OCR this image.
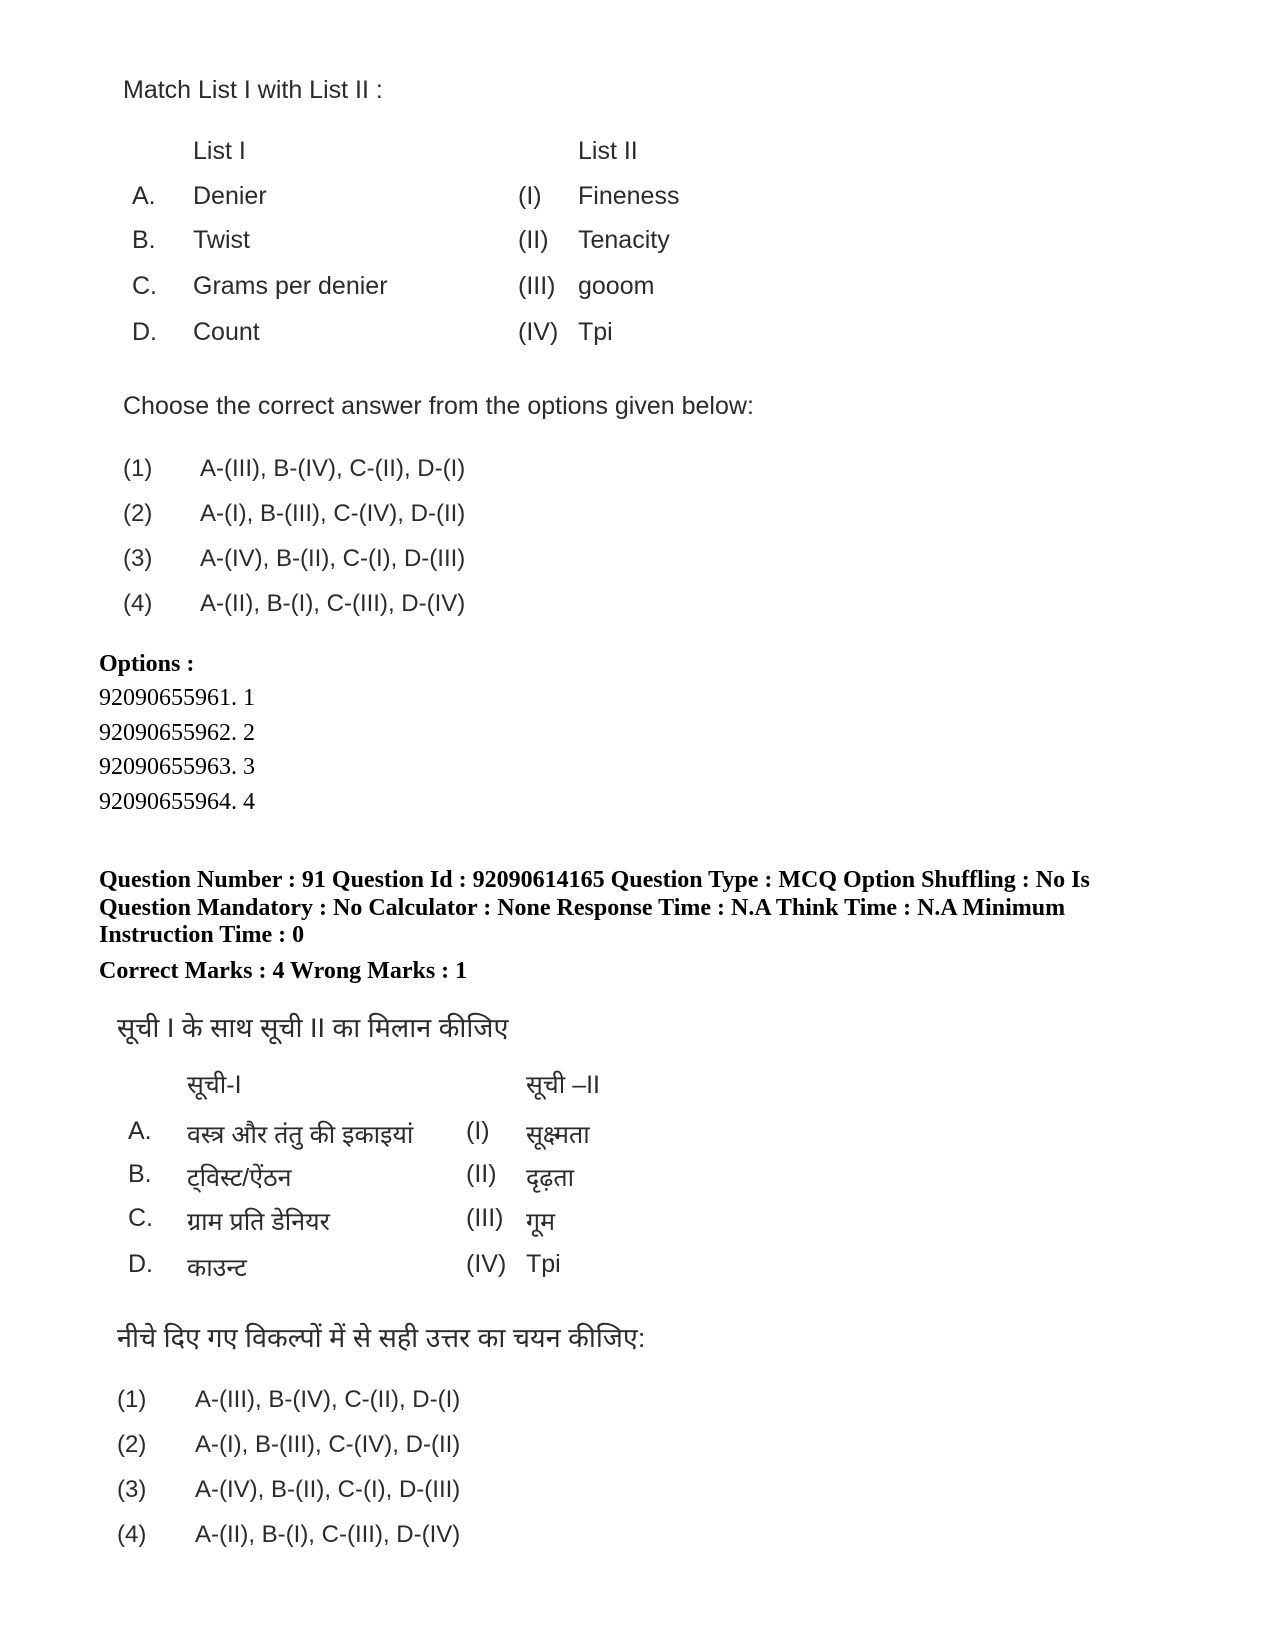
Match List I with List II :
List I	List II
A. Denier	(I) Fineness
B. Twist	(II) Tenacity
C. Grams per denier	(III) gooom
D. Count	(IV) Tpi
Choose the correct answer from the options given below:
(1) A-(III), B-(IV), C-(II), D-(I)
(2) A-(I), B-(III), C-(IV), D-(II)
(3) A-(IV), B-(II), C-(I), D-(III)
(4) A-(II), B-(I), C-(III), D-(IV)
Options :
92090655961. 1
92090655962. 2
92090655963. 3
92090655964. 4
Question Number : 91 Question Id : 92090614165 Question Type : MCQ Option Shuffling : No Is
Question Mandatory : No Calculator : None Response Time : N.A Think Time : N.A Minimum
Instruction Time : 0
Correct Marks : 4 Wrong Marks : 1
सूची I के साथ सूची II का मिलान कीजिए
सूची-I	सूची –II
A. वस्त्र और तंतु की इकाइयां (I) सूक्ष्मता
B. ट्विस्ट/ऐंठन	(II) दृढ़ता
C. ग्राम प्रति डेनियर	(III) गूम
D. काउन्ट	(IV) Tpi
नीचे दिए गए विकल्पों में से सही उत्तर का चयन कीजिए:
(1) A-(III), B-(IV), C-(II), D-(I)
(2) A-(I), B-(III), C-(IV), D-(II)
(3) A-(IV), B-(II), C-(I), D-(III)
(4) A-(II), B-(I), C-(III), D-(IV)
